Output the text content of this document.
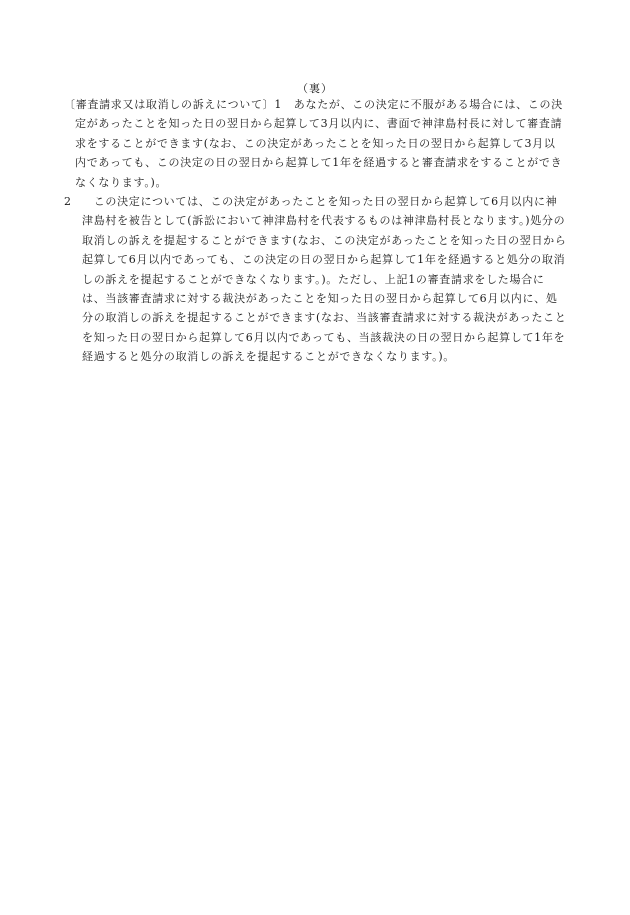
（裏）

〔審査請求又は取消しの訴えについて〕1　あなたが、この決定に不服がある場合には、この決定があったことを知った日の翌日から起算して3月以内に、書面で神津島村長に対して審査請求をすることができます(なお、この決定があったことを知った日の翌日から起算して3月以内であっても、この決定の日の翌日から起算して1年を経過すると審査請求をすることができなくなります。)。

2 　この決定については、この決定があったことを知った日の翌日から起算して6月以内に神津島村を被告として(訴訟において神津島村を代表するものは神津島村長となります。)処分の取消しの訴えを提起することができます(なお、この決定があったことを知った日の翌日から起算して6月以内であっても、この決定の日の翌日から起算して1年を経過すると処分の取消しの訴えを提起することができなくなります。)。ただし、上記1の審査請求をした場合には、当該審査請求に対する裁決があったことを知った日の翌日から起算して6月以内に、処分の取消しの訴えを提起することができます(なお、当該審査請求に対する裁決があったことを知った日の翌日から起算して6月以内であっても、当該裁決の日の翌日から起算して1年を経過すると処分の取消しの訴えを提起することができなくなります。)。
